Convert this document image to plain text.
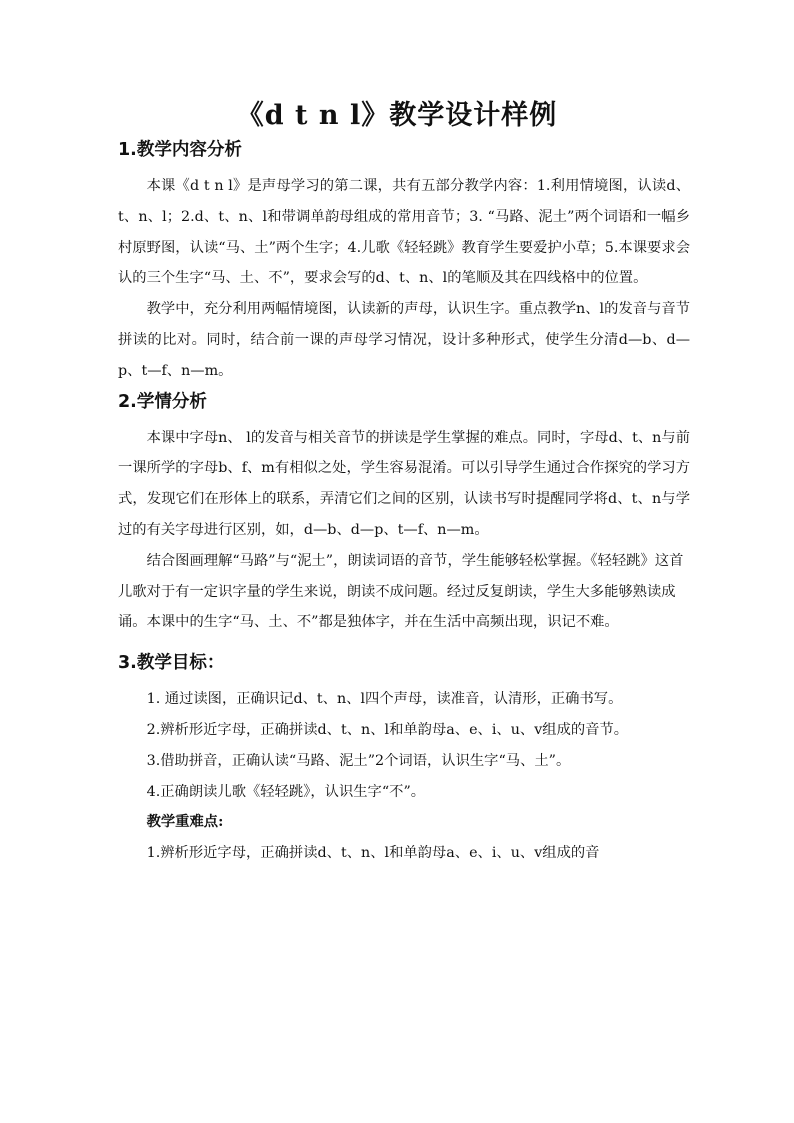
《d t n l》教学设计样例

1.教学内容分析

本课《d t n l》是声母学习的第二课，共有五部分教学内容：1.利用情境图，认读d、t、n、l；2.d、t、n、l和带调单韵母组成的常用音节；3. “马路、泥土”两个词语和一幅乡村原野图，认读“马、土”两个生字；4.儿歌《轻轻跳》教育学生要爱护小草；5.本课要求会认的三个生字“马、土、不”，要求会写的d、t、n、l的笔顺及其在四线格中的位置。

教学中，充分利用两幅情境图，认读新的声母，认识生字。重点教学n、l的发音与音节拼读的比对。同时，结合前一课的声母学习情况，设计多种形式，使学生分清d—b、d—p、t—f、n—m。

2.学情分析

本课中字母n、 l的发音与相关音节的拼读是学生掌握的难点。同时，字母d、t、n与前一课所学的字母b、f、m有相似之处，学生容易混淆。可以引导学生通过合作探究的学习方式，发现它们在形体上的联系，弄清它们之间的区别，认读书写时提醒同学将d、t、n与学过的有关字母进行区别，如，d—b、d—p、t—f、n—m。

结合图画理解“马路”与“泥土”，朗读词语的音节，学生能够轻松掌握。《轻轻跳》这首儿歌对于有一定识字量的学生来说，朗读不成问题。经过反复朗读，学生大多能够熟读成诵。本课中的生字“马、土、不”都是独体字，并在生活中高频出现，识记不难。

3.教学目标：

1. 通过读图，正确识记d、t、n、l四个声母，读准音，认清形，正确书写。

2.辨析形近字母，正确拼读d、t、n、l和单韵母a、e、i、u、v组成的音节。

3.借助拼音，正确认读“马路、泥土”2个词语，认识生字“马、土”。

4.正确朗读儿歌《轻轻跳》，认识生字“不”。

教学重难点:

1.辨析形近字母，正确拼读d、t、n、l和单韵母a、e、i、u、v组成的音
